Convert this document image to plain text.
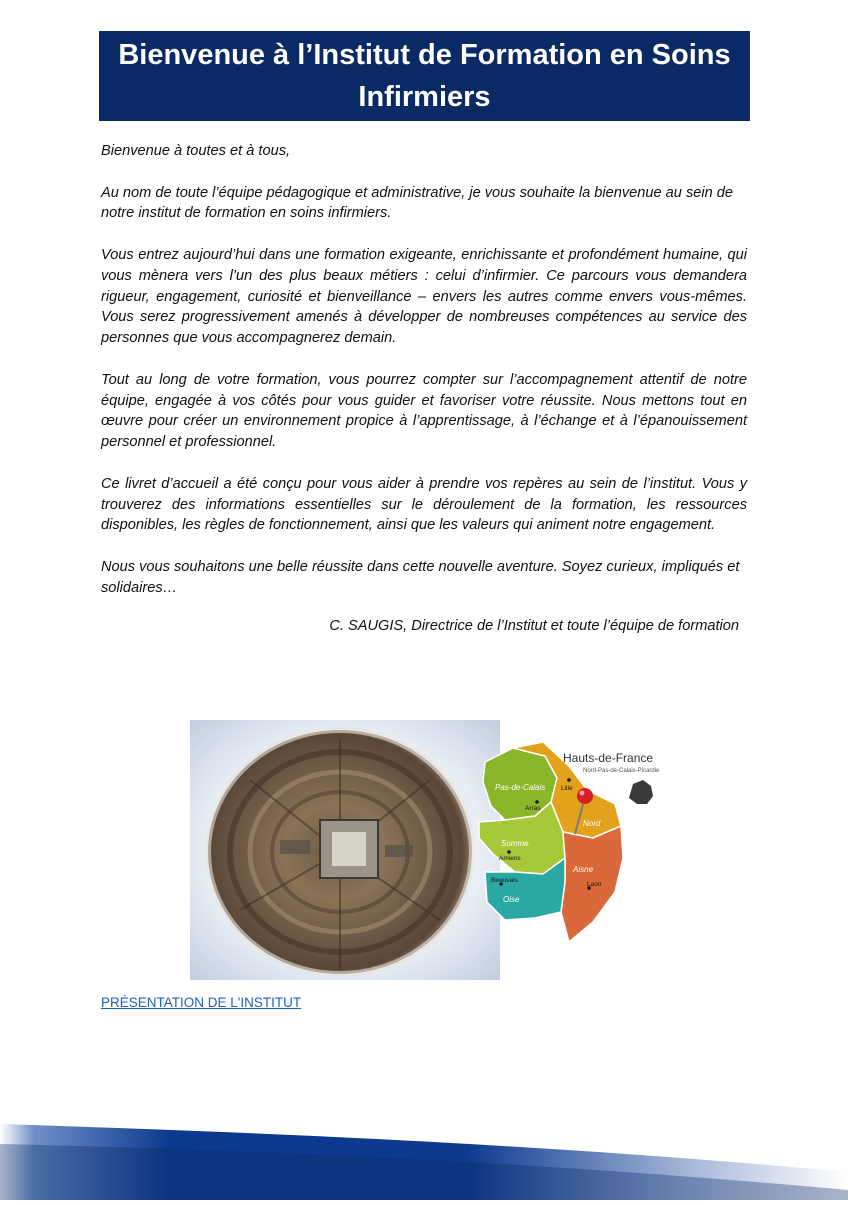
Bienvenue à l’Institut de Formation en Soins
Infirmiers

Bienvenue à toutes et à tous,

Au nom de toute l’équipe pédagogique et administrative, je vous souhaite la bienvenue au sein de notre institut de formation en soins infirmiers.

Vous entrez aujourd’hui dans une formation exigeante, enrichissante et profondément humaine, qui vous mènera vers l’un des plus beaux métiers : celui d’infirmier. Ce parcours vous demandera rigueur, engagement, curiosité et bienveillance – envers les autres comme envers vous-mêmes. Vous serez progressivement amenés à développer de nombreuses compétences au service des personnes que vous accompagnerez demain.

Tout au long de votre formation, vous pourrez compter sur l’accompagnement attentif de notre équipe, engagée à vos côtés pour vous guider et favoriser votre réussite. Nous mettons tout en œuvre pour créer un environnement propice à l’apprentissage, à l’échange et à l’épanouissement personnel et professionnel.

Ce livret d’accueil a été conçu pour vous aider à prendre vos repères au sein de l’institut. Vous y trouverez des informations essentielles sur le déroulement de la formation, les ressources disponibles, les règles de fonctionnement, ainsi que les valeurs qui animent notre engagement.

Nous vous souhaitons une belle réussite dans cette nouvelle aventure. Soyez curieux, impliqués et solidaires…

C. SAUGIS, Directrice de l’Institut et toute l’équipe de formation
Pas-de-Calais
Nord
Somme
Aisne
Oise
Arras
Lille
Amiens
Laon
Beauvais
Hauts-de-France
Nord-Pas-de-Calais-Picardie
PRÉSENTATION DE L'INSTITUT
